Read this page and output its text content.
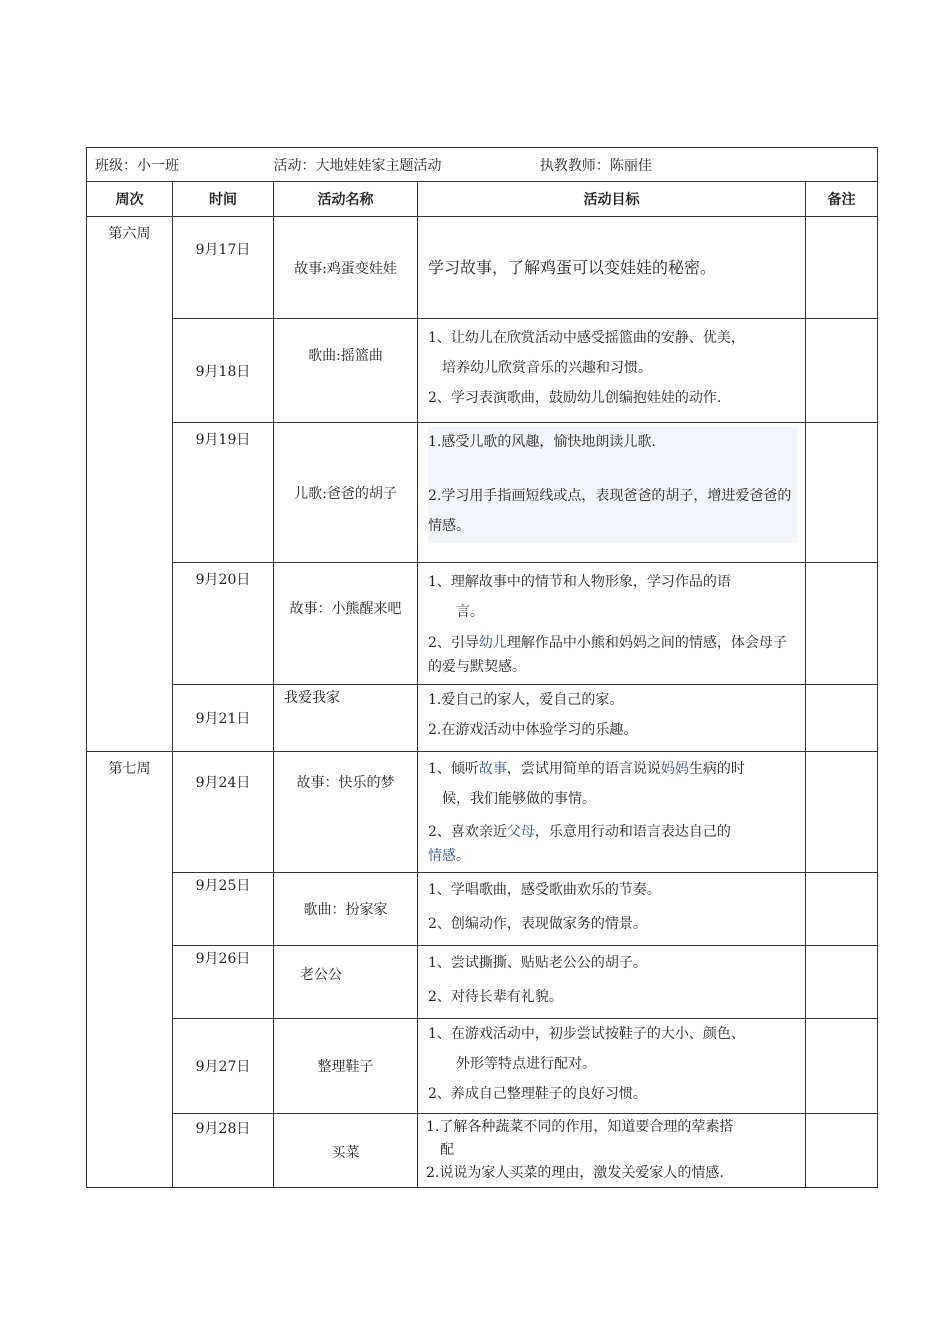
班级：小一班 活动：大地娃娃家主题活动 执教教师：陈丽佳				
周次	时间	活动名称	活动目标	备注
第六周	9月17日	故事:鸡蛋变娃娃	学习故事，了解鸡蛋可以变娃娃的秘密。	

	9月18日	歌曲:摇篮曲	1、让幼儿在欣赏活动中感受摇篮曲的安静、优美，

培养幼儿欣赏音乐的兴趣和习惯。

2、学习表演歌曲，鼓励幼儿创编抱娃娃的动作.	

	9月19日	儿歌:爸爸的胡子	1.感受儿歌的风趣，愉快地朗读儿歌.

2.学习用手指画短线或点，表现爸爸的胡子，增进爱爸爸的情感。	

	9月20日	故事：小熊醒来吧	1、理解故事中的情节和人物形象，学习作品的语

言。

2、引导幼儿理解作品中小熊和妈妈之间的情感，体会母子的爱与默契感。	

	9月21日	我爱我家	1.爱自己的家人，爱自己的家。

2.在游戏活动中体验学习的乐趣。	

第七周	9月24日	故事：快乐的梦	1、倾听故事，尝试用简单的语言说说妈妈生病的时

候，我们能够做的事情。

2、喜欢亲近父母，乐意用行动和语言表达自己的
情感。	

	9月25日	歌曲：扮家家	1、学唱歌曲，感受歌曲欢乐的节奏。

2、创编动作，表现做家务的情景。	

	9月26日	老公公	1、尝试撕撕、贴贴老公公的胡子。

2、对待长辈有礼貌。	

	9月27日	整理鞋子	1、在游戏活动中，初步尝试按鞋子的大小、颜色、

外形等特点进行配对。

2、养成自己整理鞋子的良好习惯。	

	9月28日	买菜	1.了解各种蔬菜不同的作用，知道要合理的荤素搭

配

2.说说为家人买菜的理由，激发关爱家人的情感.	
